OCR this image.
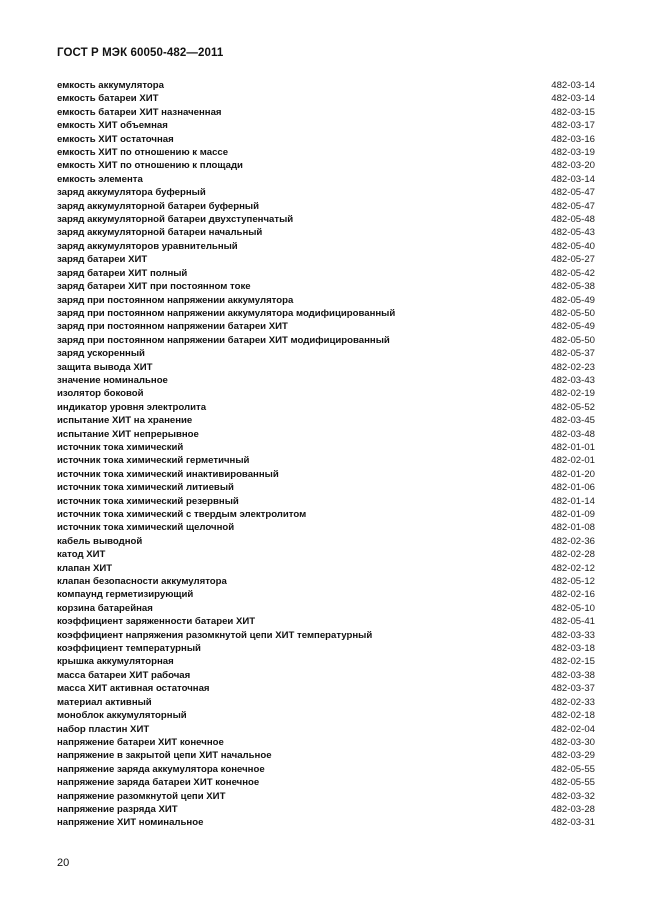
ГОСТ Р МЭК 60050-482—2011
емкость аккумулятора	482-03-14
емкость батареи ХИТ	482-03-14
емкость батареи ХИТ назначенная	482-03-15
емкость ХИТ объемная	482-03-17
емкость ХИТ остаточная	482-03-16
емкость ХИТ по отношению к массе	482-03-19
емкость ХИТ по отношению к площади	482-03-20
емкость элемента	482-03-14
заряд аккумулятора буферный	482-05-47
заряд аккумуляторной батареи буферный	482-05-47
заряд аккумуляторной батареи двухступенчатый	482-05-48
заряд аккумуляторной батареи начальный	482-05-43
заряд аккумуляторов уравнительный	482-05-40
заряд батареи ХИТ	482-05-27
заряд батареи ХИТ полный	482-05-42
заряд батареи ХИТ при постоянном токе	482-05-38
заряд при постоянном напряжении аккумулятора	482-05-49
заряд при постоянном напряжении аккумулятора модифицированный	482-05-50
заряд при постоянном напряжении батареи ХИТ	482-05-49
заряд при постоянном напряжении батареи ХИТ модифицированный	482-05-50
заряд ускоренный	482-05-37
защита вывода ХИТ	482-02-23
значение номинальное	482-03-43
изолятор боковой	482-02-19
индикатор уровня электролита	482-05-52
испытание ХИТ на хранение	482-03-45
испытание ХИТ непрерывное	482-03-48
источник тока химический	482-01-01
источник тока химический герметичный	482-02-01
источник тока химический инактивированный	482-01-20
источник тока химический литиевый	482-01-06
источник тока химический резервный	482-01-14
источник тока химический с твердым электролитом	482-01-09
источник тока химический щелочной	482-01-08
кабель выводной	482-02-36
катод ХИТ	482-02-28
клапан ХИТ	482-02-12
клапан безопасности аккумулятора	482-05-12
компаунд герметизирующий	482-02-16
корзина батарейная	482-05-10
коэффициент заряженности батареи ХИТ	482-05-41
коэффициент напряжения разомкнутой цепи ХИТ температурный	482-03-33
коэффициент температурный	482-03-18
крышка аккумуляторная	482-02-15
масса батареи ХИТ рабочая	482-03-38
масса ХИТ активная остаточная	482-03-37
материал активный	482-02-33
моноблок аккумуляторный	482-02-18
набор пластин ХИТ	482-02-04
напряжение батареи ХИТ конечное	482-03-30
напряжение в закрытой цепи ХИТ начальное	482-03-29
напряжение заряда аккумулятора конечное	482-05-55
напряжение заряда батареи ХИТ конечное	482-05-55
напряжение разомкнутой цепи ХИТ	482-03-32
напряжение разряда ХИТ	482-03-28
напряжение ХИТ номинальное	482-03-31
20
